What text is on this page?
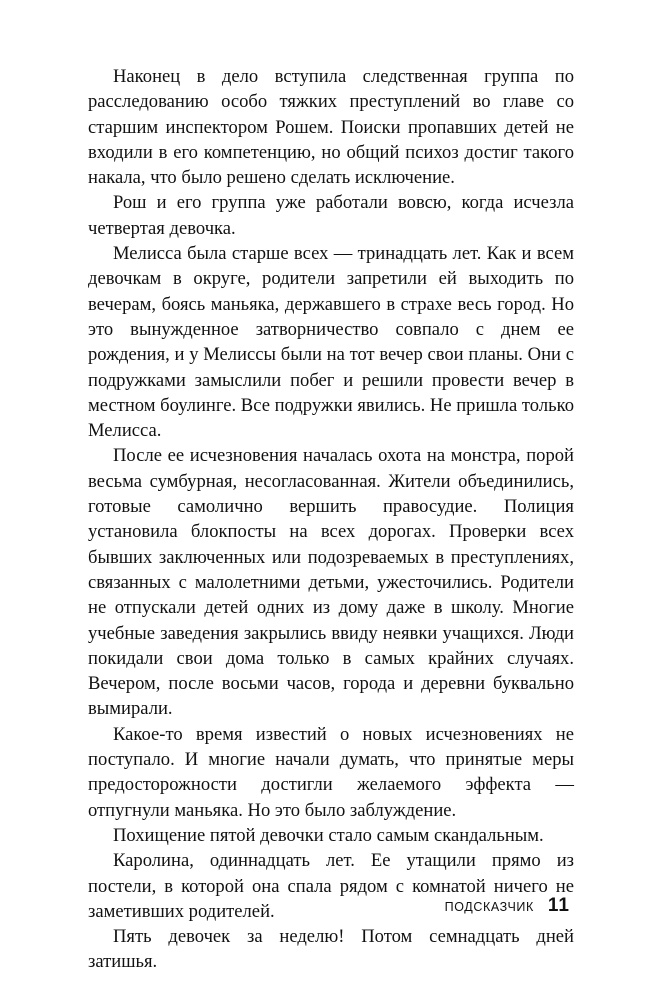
Наконец в дело вступила следственная группа по расследованию особо тяжких преступлений во главе со старшим инспектором Рошем. Поиски пропавших детей не входили в его компетенцию, но общий психоз достиг такого накала, что было решено сделать исключение.

Рош и его группа уже работали вовсю, когда исчезла четвертая девочка.

Мелисса была старше всех — тринадцать лет. Как и всем девочкам в округе, родители запретили ей выходить по вечерам, боясь маньяка, державшего в страхе весь город. Но это вынужденное затворничество совпало с днем ее рождения, и у Мелиссы были на тот вечер свои планы. Они с подружками замыслили побег и решили провести вечер в местном боулинге. Все подружки явились. Не пришла только Мелисса.

После ее исчезновения началась охота на монстра, порой весьма сумбурная, несогласованная. Жители объединились, готовые самолично вершить правосудие. Полиция установила блокпосты на всех дорогах. Проверки всех бывших заключенных или подозреваемых в преступлениях, связанных с малолетними детьми, ужесточились. Родители не отпускали детей одних из дому даже в школу. Многие учебные заведения закрылись ввиду неявки учащихся. Люди покидали свои дома только в самых крайних случаях. Вечером, после восьми часов, города и деревни буквально вымирали.

Какое-то время известий о новых исчезновениях не поступало. И многие начали думать, что принятые меры предосторожности достигли желаемого эффекта — отпугнули маньяка. Но это было заблуждение.

Похищение пятой девочки стало самым скандальным.

Каролина, одиннадцать лет. Ее утащили прямо из постели, в которой она спала рядом с комнатой ничего не заметивших родителей.

Пять девочек за неделю! Потом семнадцать дней затишья.

ПОДСКАЗЧИК 11
